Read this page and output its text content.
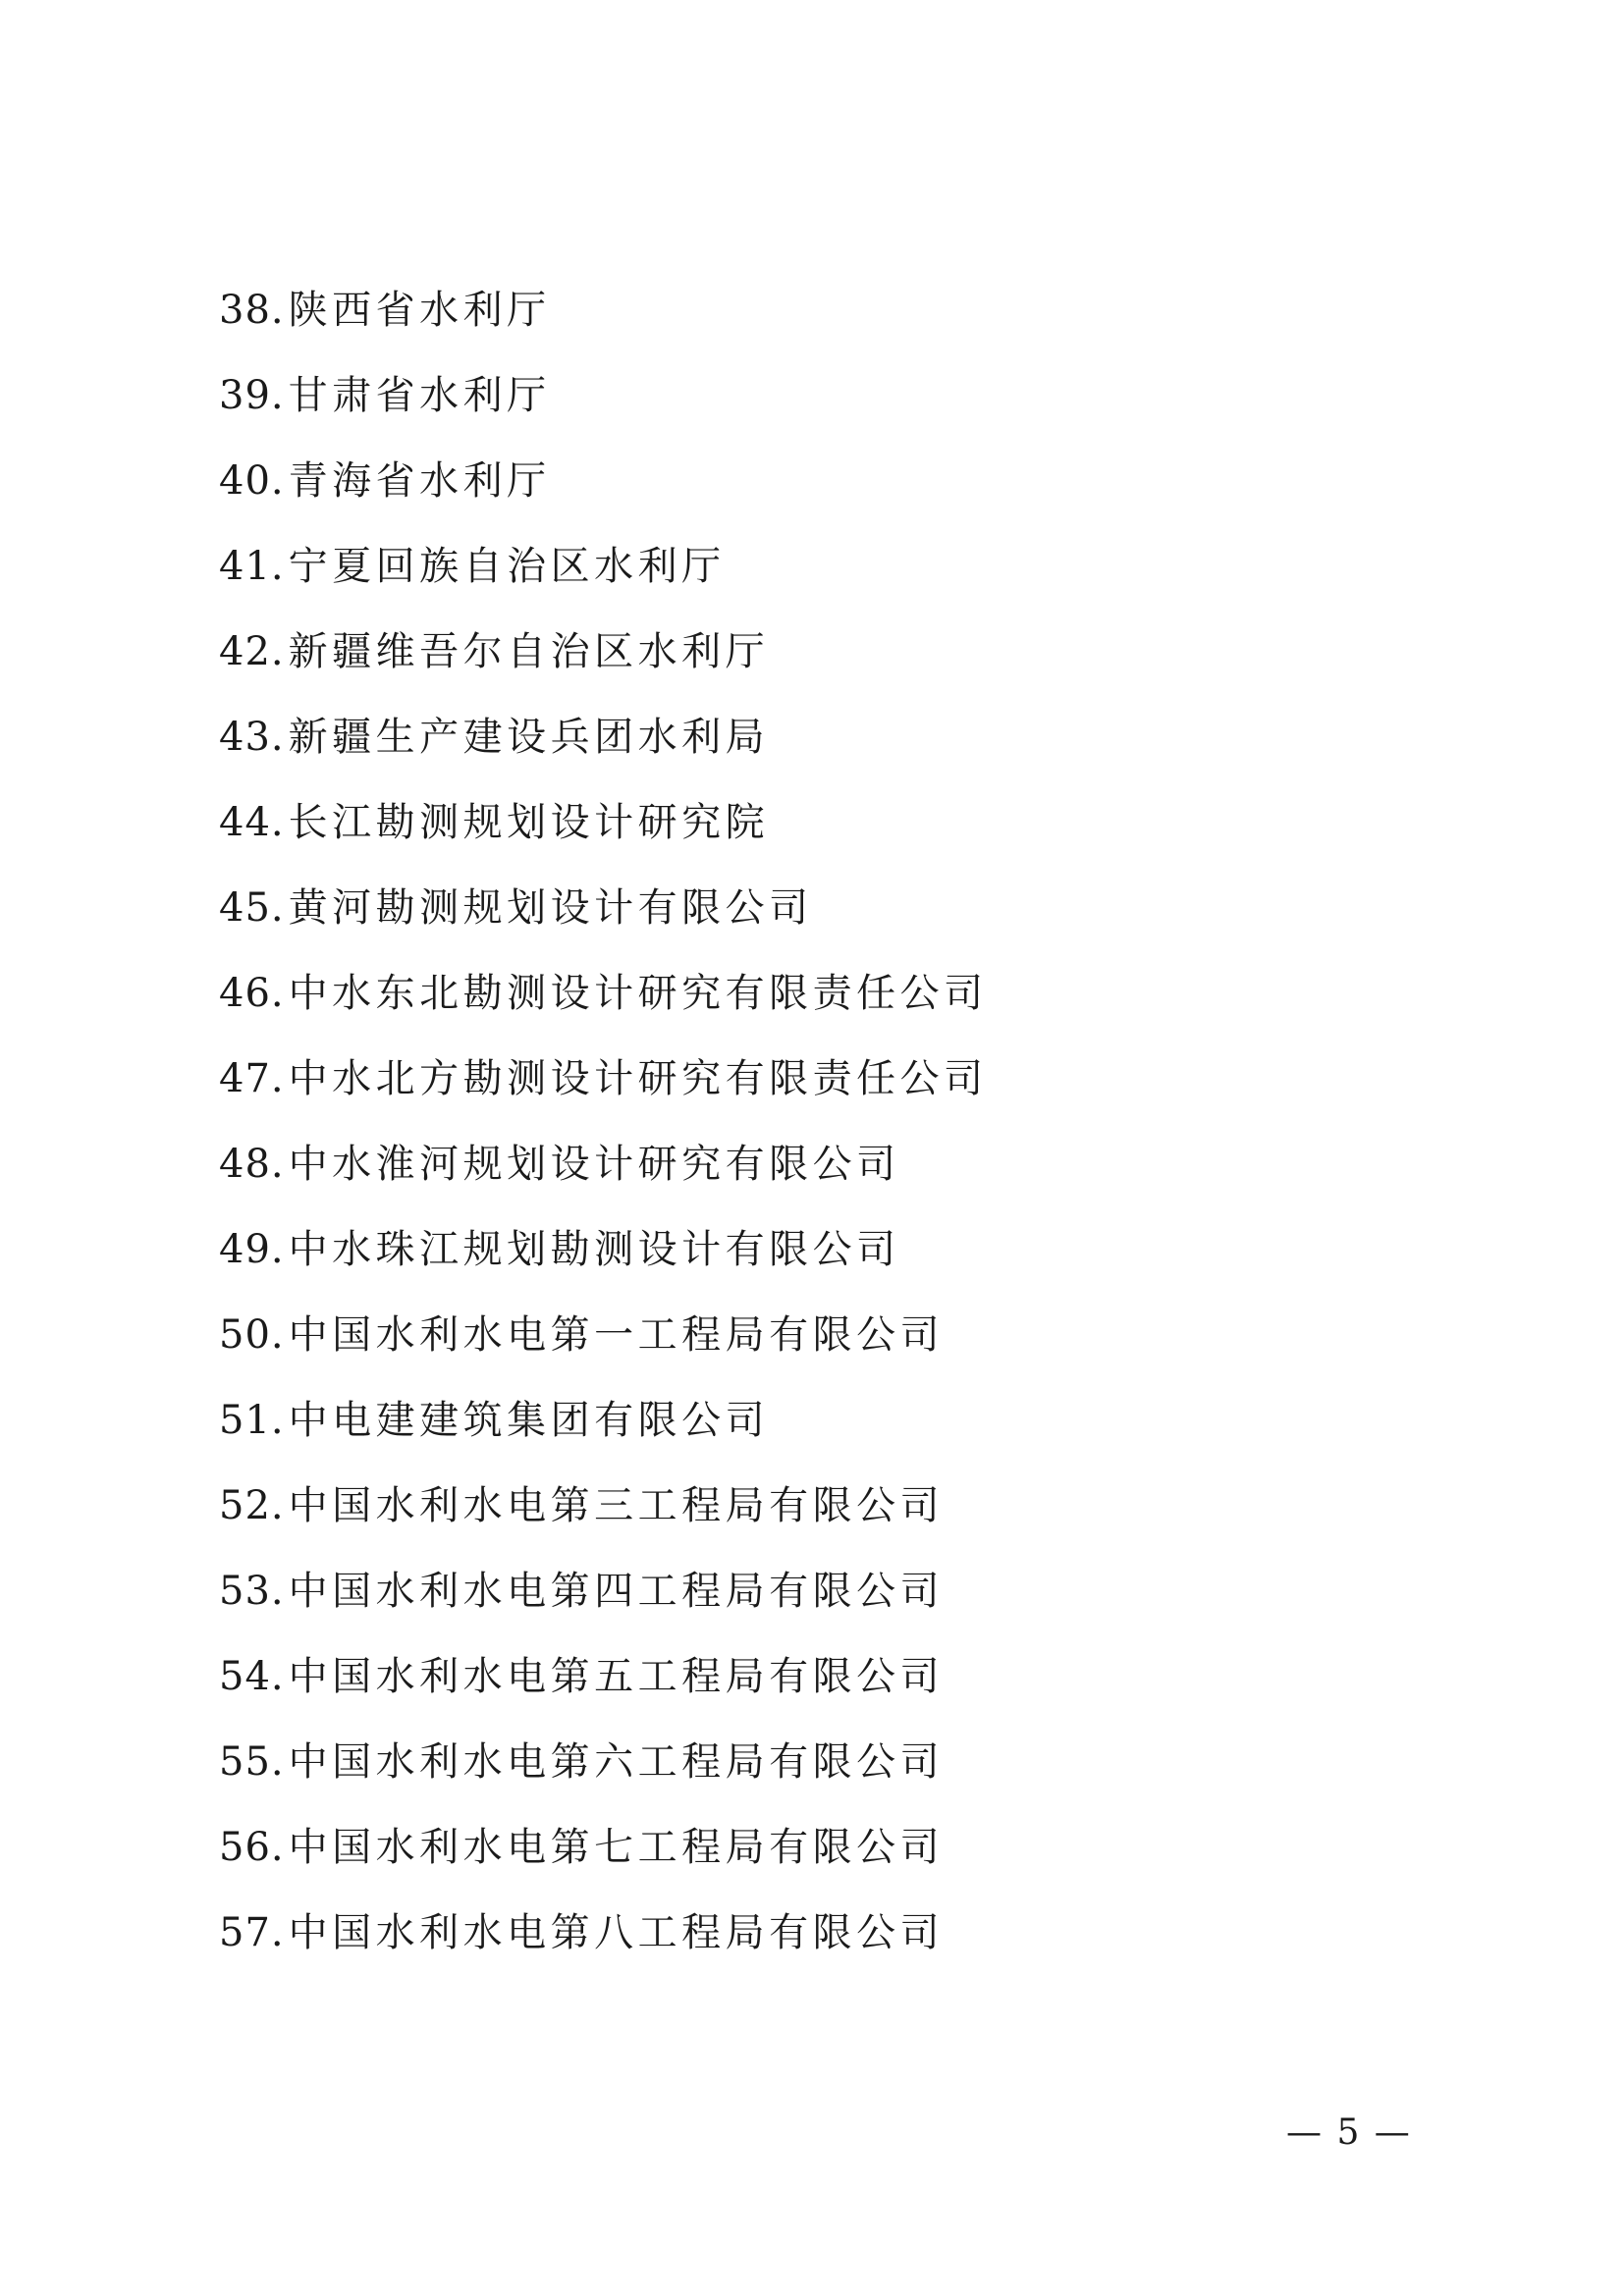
38. 陕西省水利厅
39. 甘肃省水利厅
40. 青海省水利厅
41. 宁夏回族自治区水利厅
42. 新疆维吾尔自治区水利厅
43. 新疆生产建设兵团水利局
44. 长江勘测规划设计研究院
45. 黄河勘测规划设计有限公司
46. 中水东北勘测设计研究有限责任公司
47. 中水北方勘测设计研究有限责任公司
48. 中水淮河规划设计研究有限公司
49. 中水珠江规划勘测设计有限公司
50. 中国水利水电第一工程局有限公司
51. 中电建建筑集团有限公司
52. 中国水利水电第三工程局有限公司
53. 中国水利水电第四工程局有限公司
54. 中国水利水电第五工程局有限公司
55. 中国水利水电第六工程局有限公司
56. 中国水利水电第七工程局有限公司
57. 中国水利水电第八工程局有限公司
— 5 —
